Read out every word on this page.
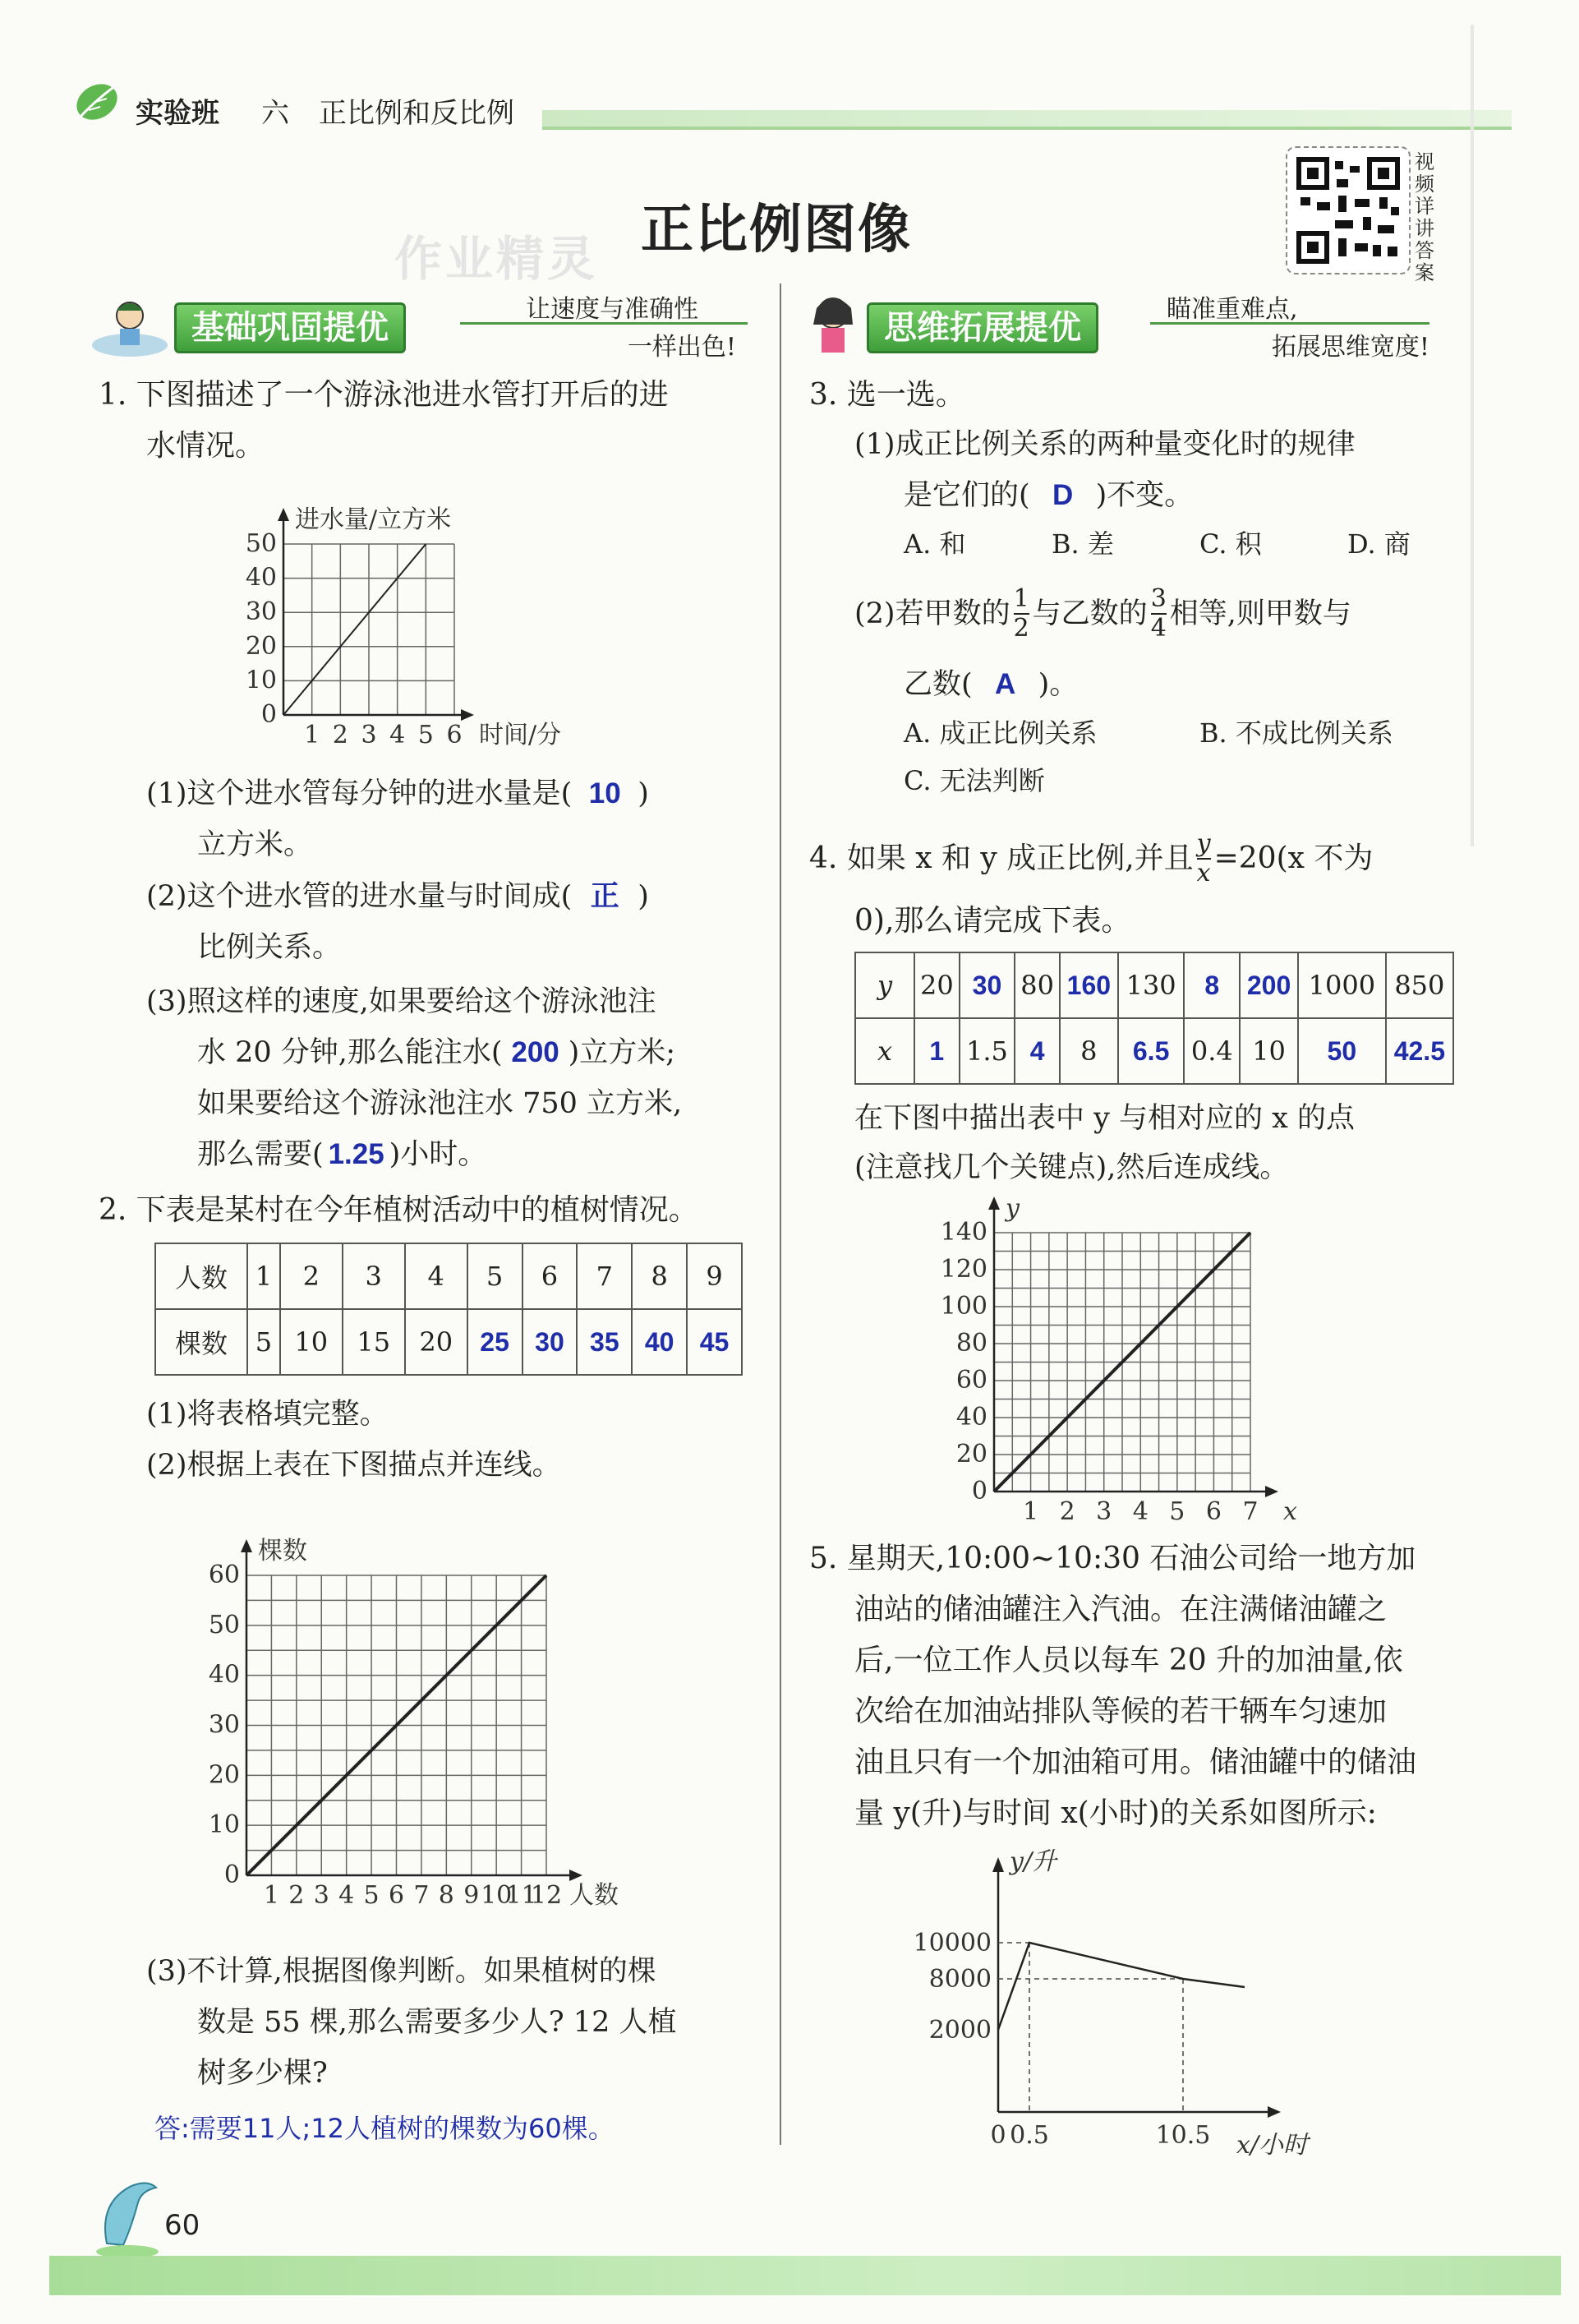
实验班 六 正比例和反比例
作业精灵 正比例图像
视频详讲答案
基础巩固提优	让速度与准确性
一样出色!
思维拓展提优	瞄准重难点,
拓展思维宽度!
1. 下图描述了一个游泳池进水管打开后的进
水情况。
1 2 3 4 5 6
0
10
20
30
40
50
进水量/立方米
时间/分
(1)这个进水管每分钟的进水量是( 10 )
立方米。
(2)这个进水管的进水量与时间成( 正 )
比例关系。
(3)照这样的速度,如果要给这个游泳池注
水 20 分钟,那么能注水( 200 )立方米;
如果要给这个游泳池注水 750 立方米,
那么需要( 1.25 )小时。
2. 下表是某村在今年植树活动中的植树情况。
人数	1	2	3	4	5	6	7	8	9
棵数	5	10	15	20	25	30	35	40	45
(1)将表格填完整。
(2)根据上表在下图描点并连线。
1 2 3 4 5 6 7 8 9 10
11
12
0
10
20
30
40
50
60
棵数
人数
(3)不计算,根据图像判断。如果植树的棵
数是 55 棵,那么需要多少人? 12 人植
树多少棵?
答:需要11人;12人植树的棵数为60棵。
3. 选一选。
(1)成正比例关系的两种量变化时的规律
是它们的( D )不变。
A. 和	B. 差	C. 积	D. 商
(2)若甲数的 $\frac{1}{2}$ 与乙数的 $\frac{3}{4}$ 相等,则甲数与
乙数( A )。
A. 成正比例关系	B. 不成比例关系
C. 无法判断
4. 如果 x 和 y 成正比例,并且 $\frac{y}{x} =20(x$ 不为
0),那么请完成下表。
y	20	30	80	160	130	8	200	1000	850
x	1	1.5	4	8	6.5	0.4	10	50	42.5
在下图中描出表中 y 与相对应的 x 的点
(注意找几个关键点),然后连成线。
1 2 3 4 5 6 7
0
20
40
60
80
100
120
140
y
x
5. 星期天,10:00~10:30 石油公司给一地方加
油站的储油罐注入汽油。在注满储油罐之
后,一位工作人员以每车 20 升的加油量,依
次给在加油站排队等候的若干辆车匀速加
油且只有一个加油箱可用。储油罐中的储油
量 y(升)与时间 x(小时)的关系如图所示:
y/升
x/小时
0 0.5	10.5
2000
8000
10000
60
